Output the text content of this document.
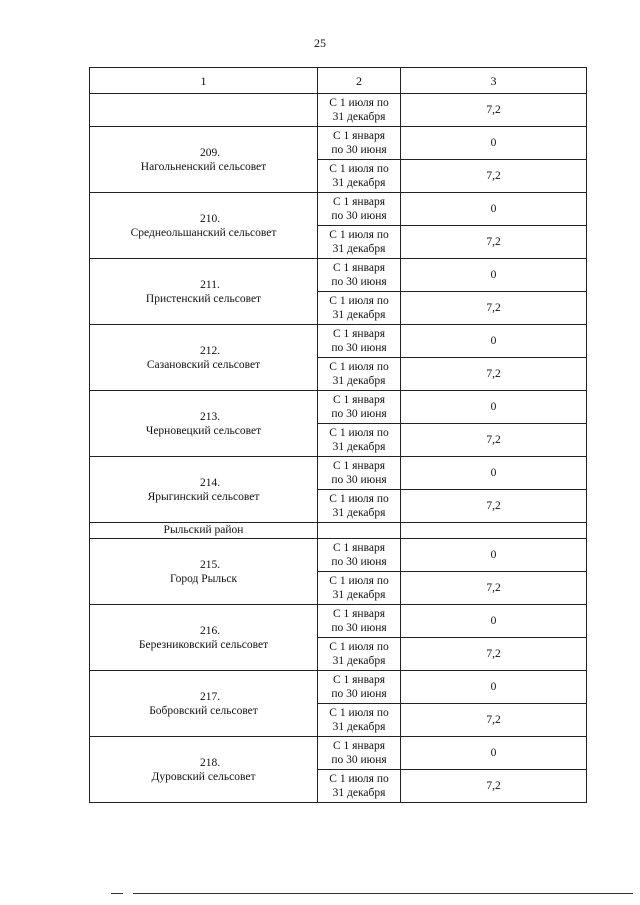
25
1	2	3
	С 1 июля по
31 декабря	7,2
209.Нагольненский сельсовет	С 1 января
по 30 июня	0
	С 1 июля по
31 декабря	7,2
210.Среднеольшанский сельсовет	С 1 января
по 30 июня	0
	С 1 июля по
31 декабря	7,2
211.Пристенский сельсовет	С 1 января
по 30 июня	0
	С 1 июля по
31 декабря	7,2
212.Сазановский сельсовет	С 1 января
по 30 июня	0
	С 1 июля по
31 декабря	7,2
213.Черновецкий сельсовет	С 1 января
по 30 июня	0
	С 1 июля по
31 декабря	7,2
214.Ярыгинский сельсовет	С 1 января
по 30 июня	0
	С 1 июля по
31 декабря	7,2
Рыльский район		
215.Город Рыльск	С 1 января
по 30 июня	0
	С 1 июля по
31 декабря	7,2
216.Березниковский сельсовет	С 1 января
по 30 июня	0
	С 1 июля по
31 декабря	7,2
217.Бобровский сельсовет	С 1 января
по 30 июня	0
	С 1 июля по
31 декабря	7,2
218.Дуровский сельсовет	С 1 января
по 30 июня	0
	С 1 июля по
31 декабря	7,2
